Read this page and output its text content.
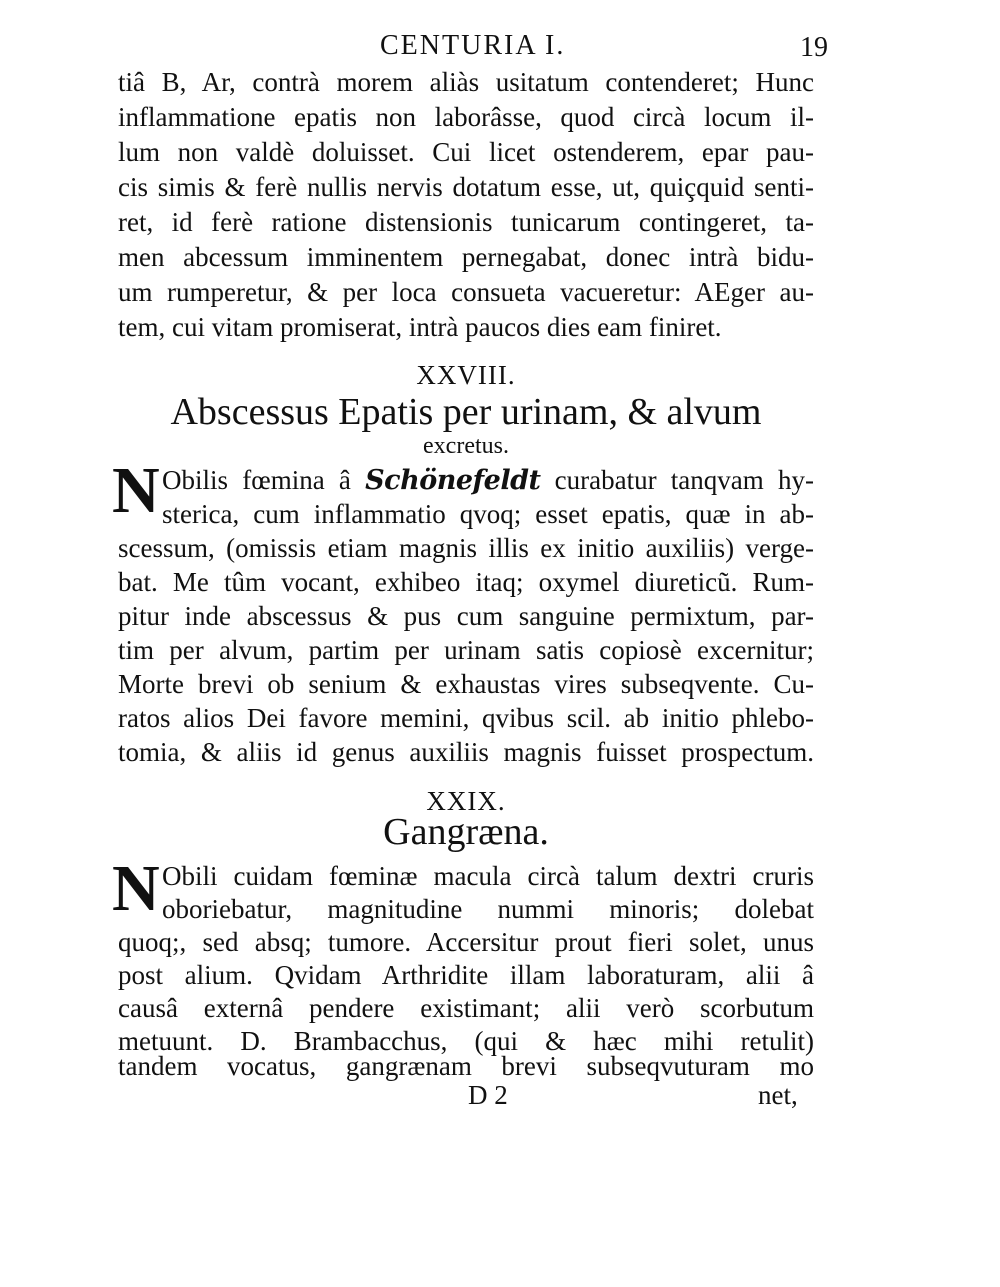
CENTURIA I.	19
tiâ B, Ar, contrà morem aliàs usitatum contenderet; Hunc
inflammatione epatis non laborâsse, quod circà locum il-
lum non valdè doluisset. Cui licet ostenderem, epar pau-
cis simis & ferè nullis nervis dotatum esse, ut, quiçquid senti-
ret, id ferè ratione distensionis tunicarum contingeret, ta-
men abcessum imminentem pernegabat, donec intrà bidu-
um rumperetur, & per loca consueta vacueretur: AEger au-
tem, cui vitam promiserat, intrà paucos dies eam finiret.
XXVIII.
Abscessus Epatis per urinam, & alvum
excretus.
N Obilis fœmina â Schönefeldt curabatur tanqvam hy-
sterica, cum inflammatio qvoq; esset epatis, quæ in ab-
scessum, (omissis etiam magnis illis ex initio auxiliis) verge-
bat. Me tûm vocant, exhibeo itaq; oxymel diureticũ. Rum-
pitur inde abscessus & pus cum sanguine permixtum, par-
tim per alvum, partim per urinam satis copiosè excernitur;
Morte brevi ob senium & exhaustas vires subseqvente. Cu-
ratos alios Dei favore memini, qvibus scil. ab initio phlebo-
tomia, & aliis id genus auxiliis magnis fuisset prospectum.
XXIX.
Gangræna.
N Obili cuidam fœminæ macula circà talum dextri cruris
oboriebatur, magnitudine nummi minoris; dolebat
quoq;, sed absq; tumore. Accersitur prout fieri solet, unus
post alium. Qvidam Arthridite illam laboraturam, alii â
causâ externâ pendere existimant; alii verò scorbutum
metuunt. D. Brambacchus, (qui & hæc mihi retulit)
tandem vocatus, gangrænam brevi subseqvuturam mo
D 2	net,
